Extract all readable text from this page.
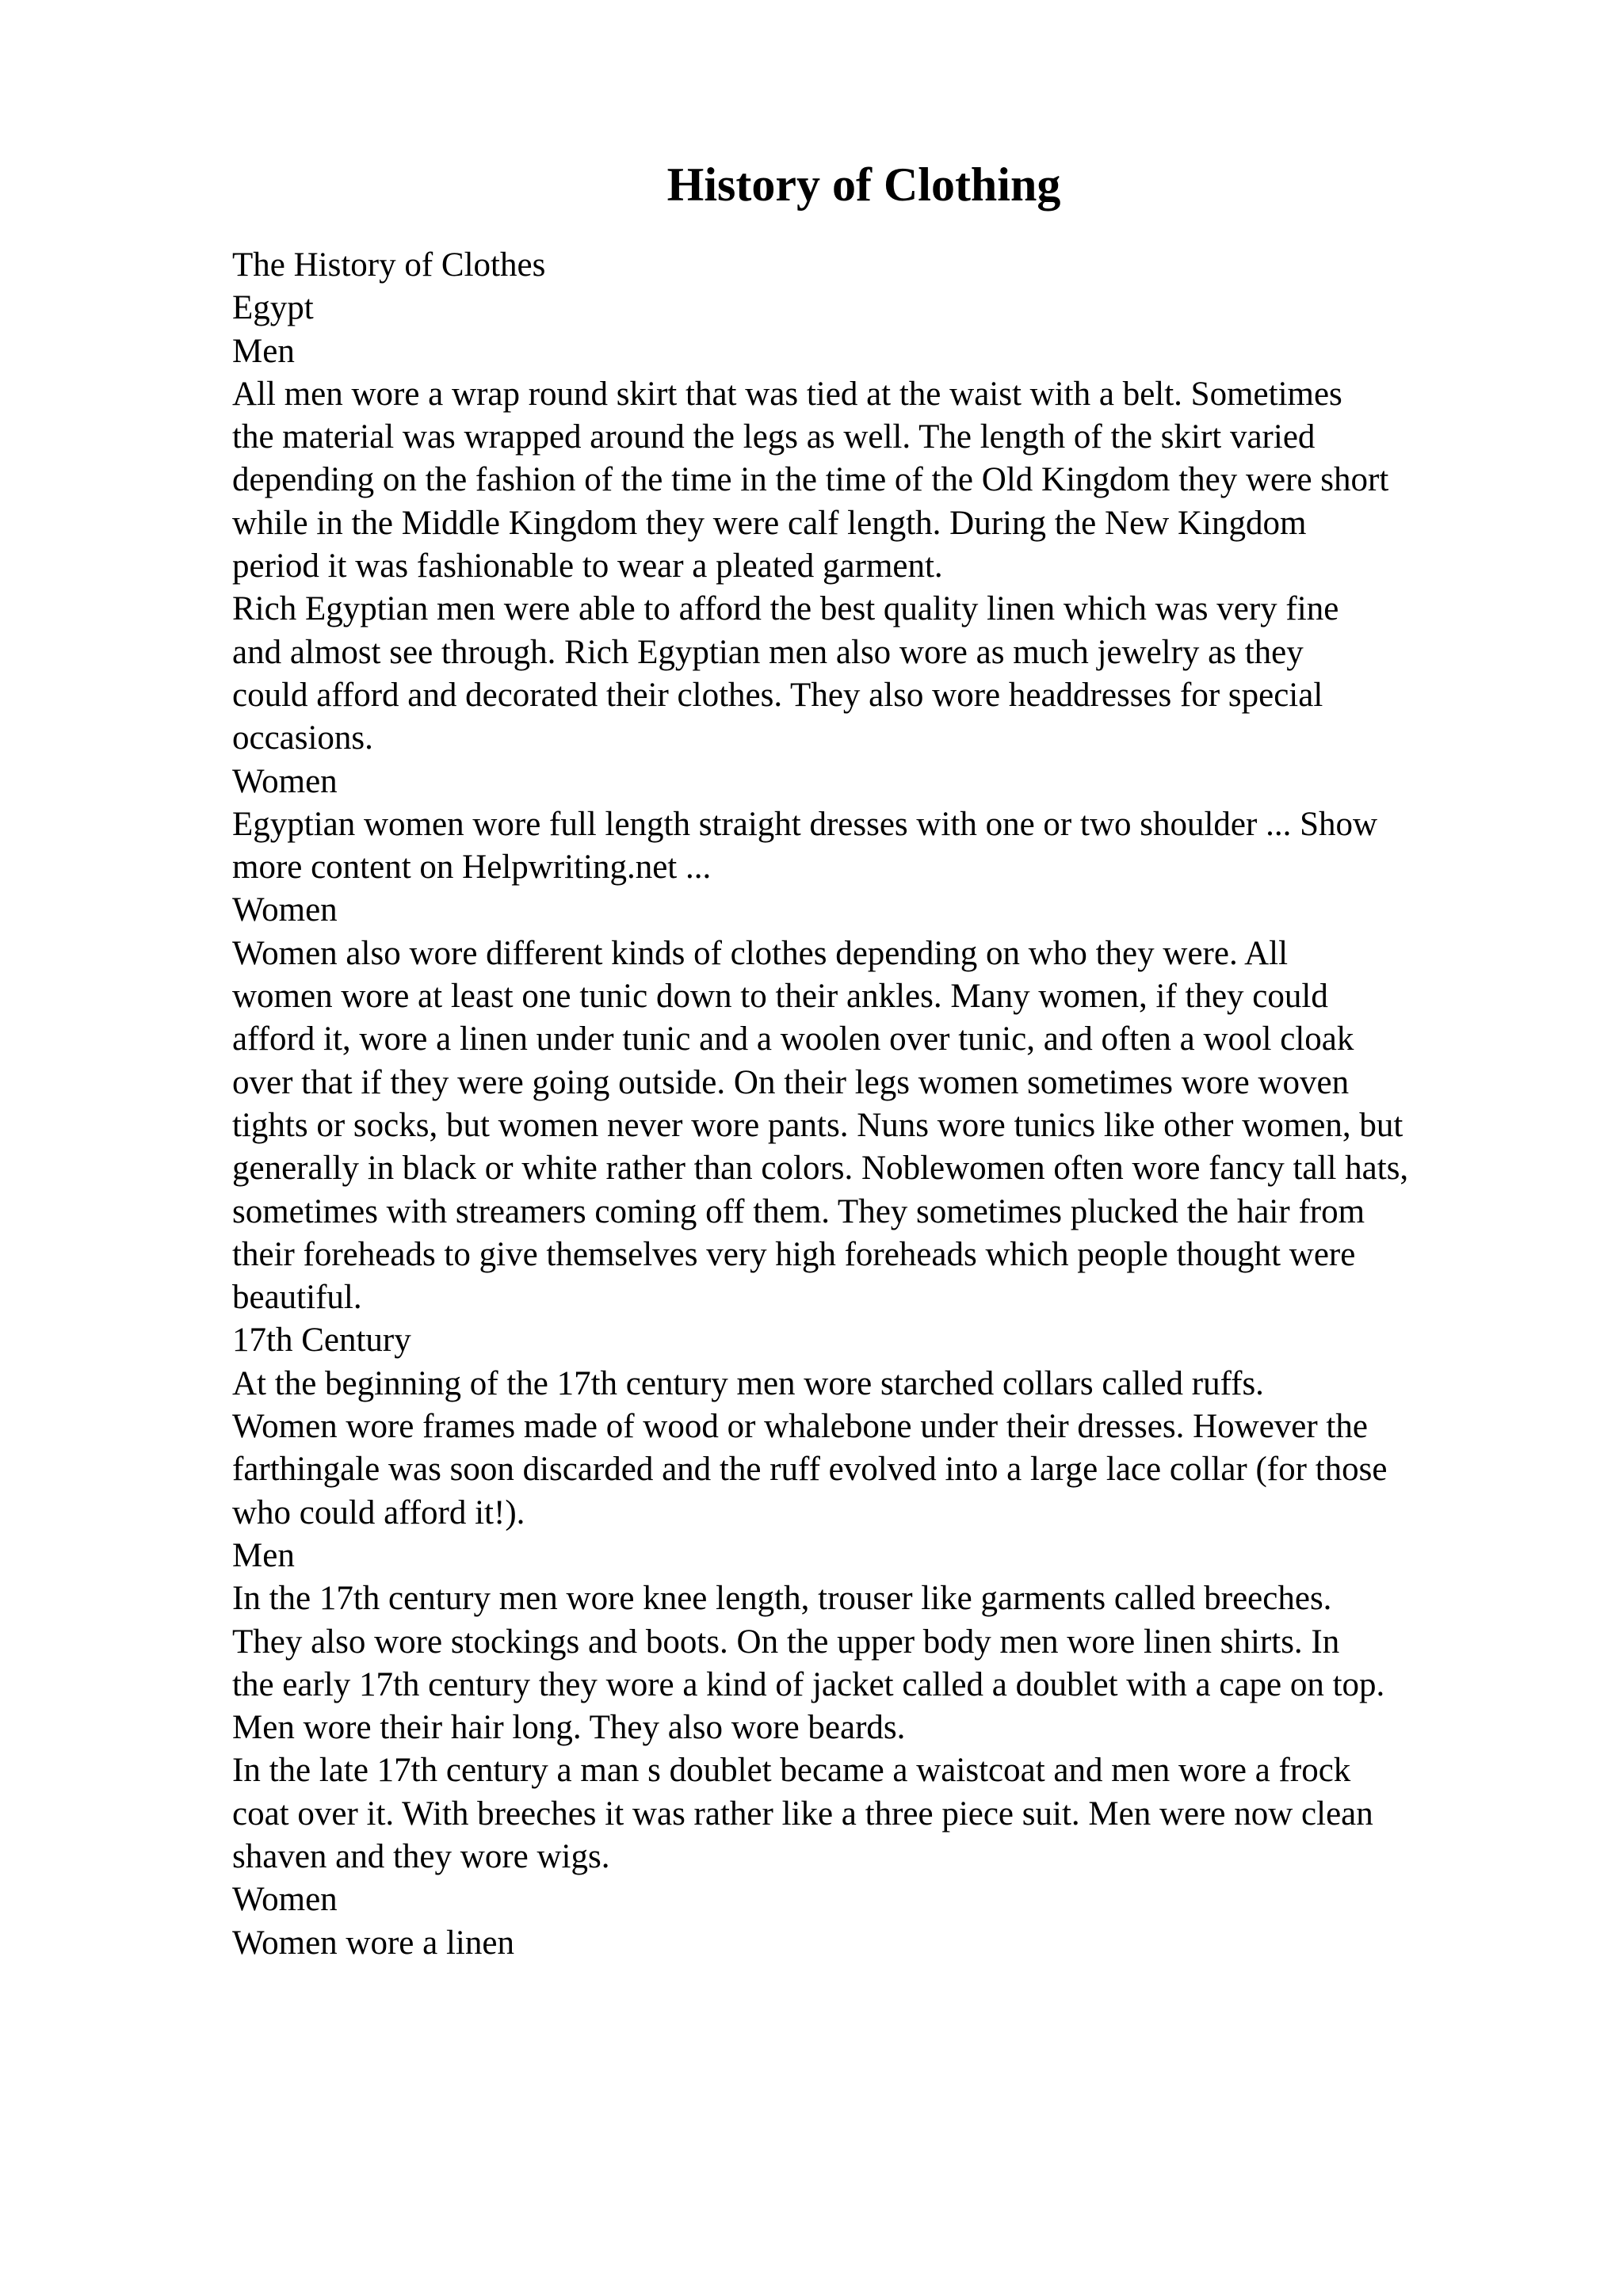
History of Clothing

The History of Clothes

Egypt

Men

All men wore a wrap round skirt that was tied at the waist with a belt. Sometimes

the material was wrapped around the legs as well. The length of the skirt varied

depending on the fashion of the time in the time of the Old Kingdom they were short

while in the Middle Kingdom they were calf length. During the New Kingdom

period it was fashionable to wear a pleated garment.

Rich Egyptian men were able to afford the best quality linen which was very fine

and almost see through. Rich Egyptian men also wore as much jewelry as they

could afford and decorated their clothes. They also wore headdresses for special

occasions.

Women

Egyptian women wore full length straight dresses with one or two shoulder ... Show

more content on Helpwriting.net ...

Women

Women also wore different kinds of clothes depending on who they were. All

women wore at least one tunic down to their ankles. Many women, if they could

afford it, wore a linen under tunic and a woolen over tunic, and often a wool cloak

over that if they were going outside. On their legs women sometimes wore woven

tights or socks, but women never wore pants. Nuns wore tunics like other women, but

generally in black or white rather than colors. Noblewomen often wore fancy tall hats,

sometimes with streamers coming off them. They sometimes plucked the hair from

their foreheads to give themselves very high foreheads which people thought were

beautiful.

17th Century

At the beginning of the 17th century men wore starched collars called ruffs.

Women wore frames made of wood or whalebone under their dresses. However the

farthingale was soon discarded and the ruff evolved into a large lace collar (for those

who could afford it!).

Men

In the 17th century men wore knee length, trouser like garments called breeches.

They also wore stockings and boots. On the upper body men wore linen shirts. In

the early 17th century they wore a kind of jacket called a doublet with a cape on top.

Men wore their hair long. They also wore beards.

In the late 17th century a man s doublet became a waistcoat and men wore a frock

coat over it. With breeches it was rather like a three piece suit. Men were now clean

shaven and they wore wigs.

Women

Women wore a linen
